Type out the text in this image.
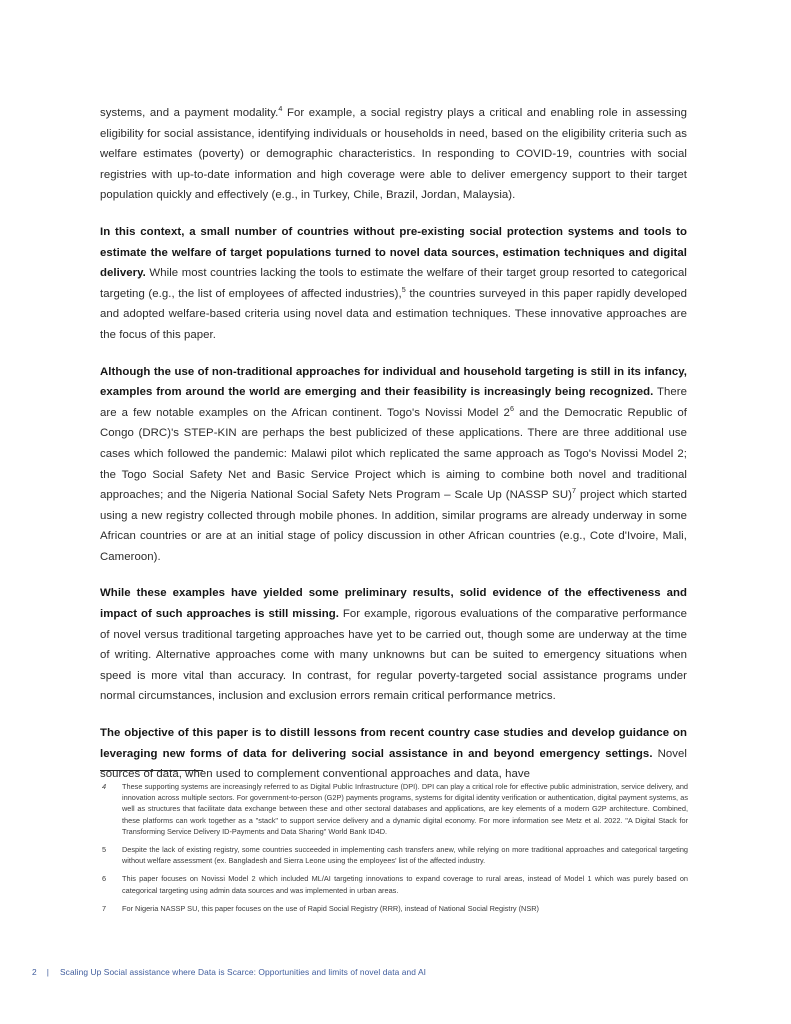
systems, and a payment modality.$^4$ For example, a social registry plays a critical and enabling role in assessing eligibility for social assistance, identifying individuals or households in need, based on the eligibility criteria such as welfare estimates (poverty) or demographic characteristics. In responding to COVID-19, countries with social registries with up-to-date information and high coverage were able to deliver emergency support to their target population quickly and effectively (e.g., in Turkey, Chile, Brazil, Jordan, Malaysia).

In this context, a small number of countries without pre-existing social protection systems and tools to estimate the welfare of target populations turned to novel data sources, estimation techniques and digital delivery. While most countries lacking the tools to estimate the welfare of their target group resorted to categorical targeting (e.g., the list of employees of affected industries),$^5$ the countries surveyed in this paper rapidly developed and adopted welfare-based criteria using novel data and estimation techniques. These innovative approaches are the focus of this paper.

Although the use of non-traditional approaches for individual and household targeting is still in its infancy, examples from around the world are emerging and their feasibility is increasingly being recognized. There are a few notable examples on the African continent. Togo's Novissi Model $2^6$ and the Democratic Republic of Congo (DRC)'s STEP-KIN are perhaps the best publicized of these applications. There are three additional use cases which followed the pandemic: Malawi pilot which replicated the same approach as Togo's Novissi Model 2; the Togo Social Safety Net and Basic Service Project which is aiming to combine both novel and traditional approaches; and the Nigeria National Social Safety Nets Program – Scale Up (NASSP SU)$^7$ project which started using a new registry collected through mobile phones. In addition, similar programs are already underway in some African countries or are at an initial stage of policy discussion in other African countries (e.g., Cote d'Ivoire, Mali, Cameroon).

While these examples have yielded some preliminary results, solid evidence of the effectiveness and impact of such approaches is still missing. For example, rigorous evaluations of the comparative performance of novel versus traditional targeting approaches have yet to be carried out, though some are underway at the time of writing. Alternative approaches come with many unknowns but can be suited to emergency situations when speed is more vital than accuracy. In contrast, for regular poverty-targeted social assistance programs under normal circumstances, inclusion and exclusion errors remain critical performance metrics.

The objective of this paper is to distill lessons from recent country case studies and develop guidance on leveraging new forms of data for delivering social assistance in and beyond emergency settings. Novel sources of data, when used to complement conventional approaches and data, have

4	These supporting systems are increasingly referred to as Digital Public Infrastructure (DPI). DPI can play a critical role for effective public administration, service delivery, and innovation across multiple sectors. For government-to-person (G2P) payments programs, systems for digital identity verification or authentication, digital payment systems, as well as structures that facilitate data exchange between these and other sectoral databases and applications, are key elements of a modern G2P architecture. Combined, these platforms can work together as a "stack" to support service delivery and a dynamic digital economy. For more information see Metz et al. 2022. "A Digital Stack for Transforming Service Delivery ID-Payments and Data Sharing" World Bank ID4D.
5	Despite the lack of existing registry, some countries succeeded in implementing cash transfers anew, while relying on more traditional approaches and categorical targeting without welfare assessment (ex. Bangladesh and Sierra Leone using the employees' list of the affected industry.
6	This paper focuses on Novissi Model 2 which included ML/AI targeting innovations to expand coverage to rural areas, instead of Model 1 which was purely based on categorical targeting using admin data sources and was implemented in urban areas.
7	For Nigeria NASSP SU, this paper focuses on the use of Rapid Social Registry (RRR), instead of National Social Registry (NSR)
2 | Scaling Up Social assistance where Data is Scarce: Opportunities and limits of novel data and AI
